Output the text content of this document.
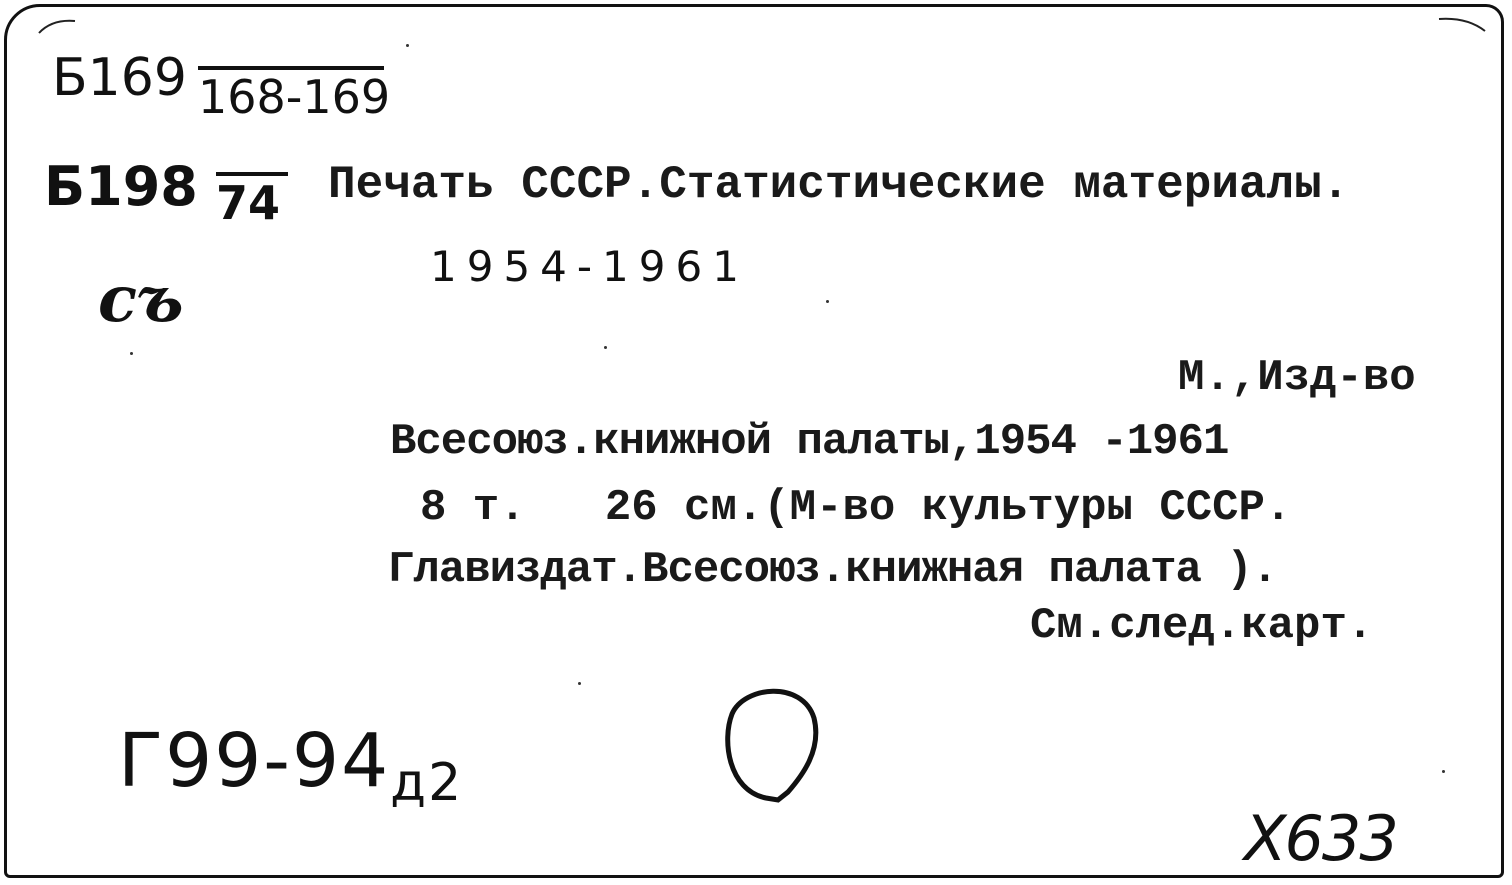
Б169 168-169
Б198 74
съ
Печать СССР.Статистические материалы.
1954-1961
М.,Изд-во
Всесоюз.книжной палаты,1954 -1961
8 т.   26 см.(М-во культуры СССР.
Главиздат.Всесоюз.книжная палата ).
См.след.карт.
Г99-94д2
Х633
